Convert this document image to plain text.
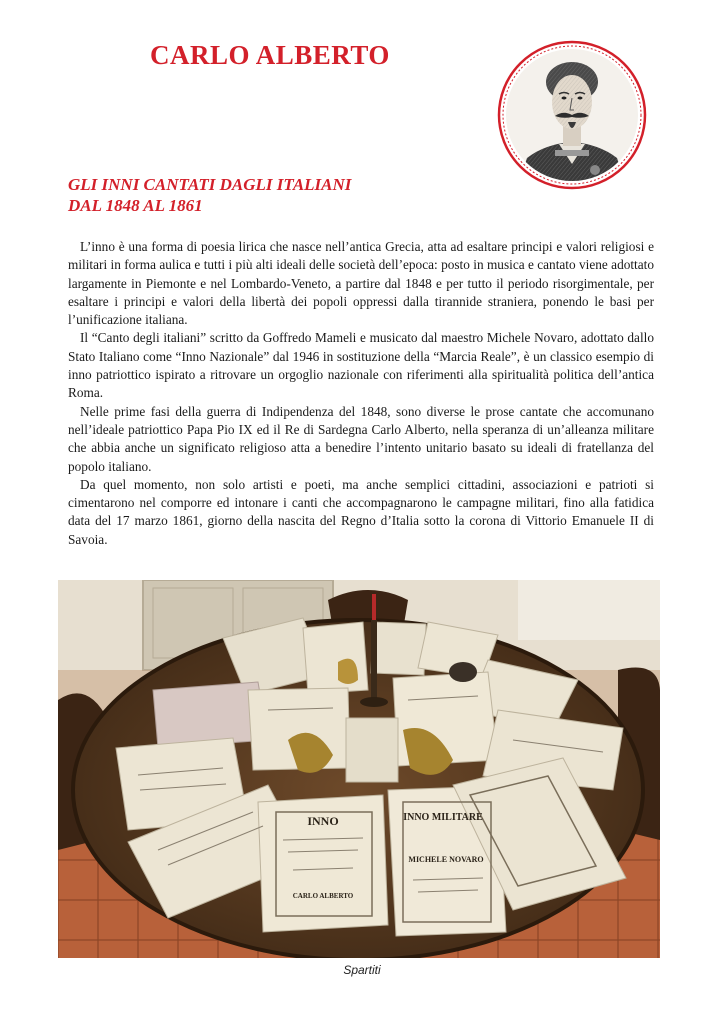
CARLO ALBERTO
GLI INNI CANTATI DAGLI ITALIANI
DAL 1848 AL 1861

L’inno è una forma di poesia lirica che nasce nell’antica Grecia, atta ad esaltare principi e valori religiosi e militari in forma aulica e tutti i più alti ideali delle società dell’epoca: posto in musica e cantato viene adottato largamente in Piemonte e nel Lombardo-Veneto, a partire dal 1848 e per tutto il periodo risorgimentale, per esaltare i principi e valori della libertà dei popoli oppressi dalla tirannide straniera, ponendo le basi per l’unificazione italiana.

Il “Canto degli italiani” scritto da Goffredo Mameli e musicato dal maestro Michele Novaro, adottato dallo Stato Italiano come “Inno Nazionale” dal 1946 in sostituzione della “Marcia Reale”, è un classico esempio di inno patriottico ispirato a ritrovare un orgoglio nazionale con riferimenti alla spiritualità politica dell’antica Roma.

Nelle prime fasi della guerra di Indipendenza del 1848, sono diverse le prose cantate che accomunano nell’ideale patriottico Papa Pio IX ed il Re di Sardegna Carlo Alberto, nella speranza di un’alleanza militare che abbia anche un significato religioso atta a benedire l’intento unitario basato su ideali di fratellanza del popolo italiano.

Da quel momento, non solo artisti e poeti, ma anche semplici cittadini, associazioni e patrioti si cimentarono nel comporre ed intonare i canti che accompagnarono le campagne militari, fino alla fatidica data del 17 marzo 1861, giorno della nascita del Regno d’Italia sotto la corona di Vittorio Emanuele II di Savoia.

INNO MILITARE
MICHELE NOVARO
INNO
CARLO ALBERTO
Spartiti
